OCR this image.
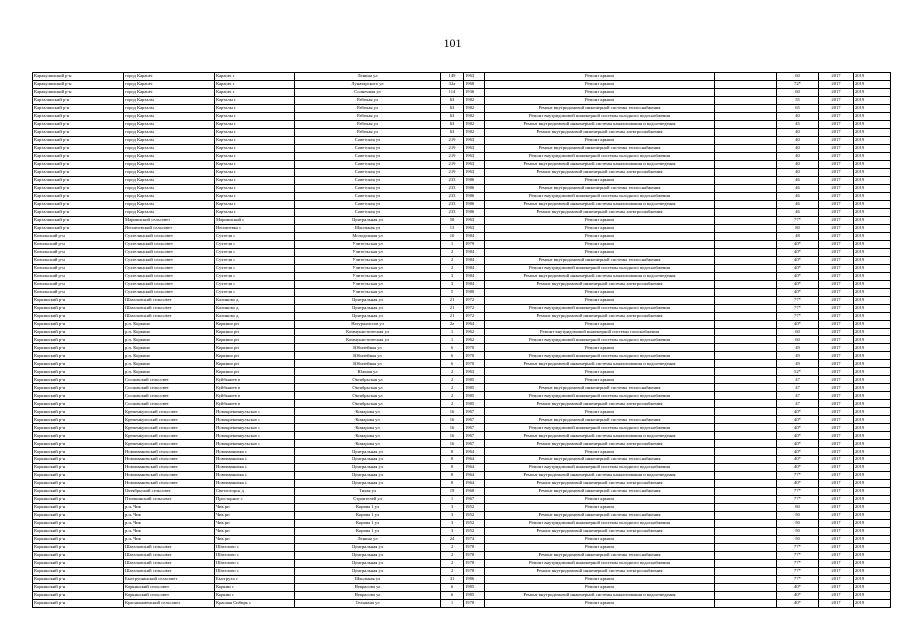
101
Каракулинский р-н	город Карагач	Карагач г	Ленина ул	149	1963	Ремонт крыши		60	2017	2019
Каракулинский р-н	город Карагач	Карагач г	Луначарского ул	32а	1968	Ремонт крыши		72*	2017	2019
Каракулинский р-н	город Карагач	Карагач г	Солнечная ул	114	1936	Ремонт крыши		60	2017	2019
Карталинский р-н	город Карталы	Карталы г	Рабочая ул	63	1982	Ремонт крыши		55	2017	2019
Карталинский р-н	город Карталы	Карталы г	Рабочая ул	63	1982	Ремонт внутридомовой инженерной системы теплоснабжения		65	2017	2019
Карталинский р-н	город Карталы	Карталы г	Рабочая ул	63	1982	Ремонт внутридомовой инженерной системы холодного водоснабжения		40	2017	2019
Карталинский р-н	город Карталы	Карталы г	Рабочая ул	63	1982	Ремонт внутридомовой инженерной системы канализования и водоотведения		45	2017	2019
Карталинский р-н	город Карталы	Карталы г	Рабочая ул	63	1982	Ремонт внутридомовой инженерной системы электроснабжения		40	2017	2019
Карталинский р-н	город Карталы	Карталы г	Советская ул	219	1963	Ремонт крыши		40	2017	2019
Карталинский р-н	город Карталы	Карталы г	Советская ул	219	1963	Ремонт внутридомовой инженерной системы теплоснабжения		40	2017	2019
Карталинский р-н	город Карталы	Карталы г	Советская ул	219	1963	Ремонт внутридомовой инженерной системы холодного водоснабжения		40	2017	2019
Карталинский р-н	город Карталы	Карталы г	Советская ул	219	1963	Ремонт внутридомовой инженерной системы канализования и водоотведения		40	2017	2019
Карталинский р-н	город Карталы	Карталы г	Советская ул	219	1963	Ремонт внутридомовой инженерной системы электроснабжения		40	2017	2019
Карталинский р-н	город Карталы	Карталы г	Советская ул	233	1986	Ремонт крыши		46	2017	2019
Карталинский р-н	город Карталы	Карталы г	Советская ул	233	1986	Ремонт внутридомовой инженерной системы теплоснабжения		46	2017	2019
Карталинский р-н	город Карталы	Карталы г	Советская ул	233	1986	Ремонт внутридомовой инженерной системы холодного водоснабжения		46	2017	2019
Карталинский р-н	город Карталы	Карталы г	Советская ул	233	1986	Ремонт внутридомовой инженерной системы канализования и водоотведения		46	2017	2019
Карталинский р-н	город Карталы	Карталы г	Советская ул	233	1986	Ремонт внутридомовой инженерной системы электроснабжения		46	2017	2019
Карталинский р-н	Мариинский сельсовет	Мариинский с	Центральная ул	58	1963	Ремонт крыши		77*	2017	2019
Карталинский р-н	Неплюевский сельсовет	Неплюевка с	Школьная ул	13	1963	Ремонт крыши		80	2017	2019
Кизильский р-н	Сухтелинский сельсовет	Сухтели с	Молодежная ул	10	1984	Ремонт крыши		48	2017	2019
Кизильский р-н	Сухтелинский сельсовет	Сухтели с	Учительская ул	1	1979	Ремонт крыши		40*	2017	2019
Кизильский р-н	Сухтелинский сельсовет	Сухтели с	Учительская ул	2	1984	Ремонт крыши		40*	2017	2019
Кизильский р-н	Сухтелинский сельсовет	Сухтели с	Учительская ул	2	1984	Ремонт внутридомовой инженерной системы теплоснабжения		40*	2017	2019
Кизильский р-н	Сухтелинский сельсовет	Сухтели с	Учительская ул	2	1984	Ремонт внутридомовой инженерной системы холодного водоснабжения		40*	2017	2019
Кизильский р-н	Сухтелинский сельсовет	Сухтели с	Учительская ул	3	1984	Ремонт внутридомовой инженерной системы канализования и водоотведения		40*	2017	2019
Кизильский р-н	Сухтелинский сельсовет	Сухтели с	Учительская ул	3	1984	Ремонт внутридомовой инженерной системы электроснабжения		40*	2017	2019
Кизильский р-н	Сухтелинский сельсовет	Сухтели с	Учительская ул	5	1980	Ремонт крыши		40*	2017	2019
Коркинский р-н	Шагаловский сельсовет	Калиново д	Центральная ул	21	1972	Ремонт крыши		77*	2017	2019
Коркинский р-н	Шагаловский сельсовет	Калиново д	Центральная ул	21	1972	Ремонт внутридомовой инженерной системы холодного водоснабжения		77*	2017	2019
Коркинский р-н	Шагаловский сельсовет	Калиново д	Центральная ул	21	1972	Ремонт внутридомовой инженерной системы электроснабжения		77*	2017	2019
Коркинский р-н	р.п. Коркино	Коркино рп	Натуралистов ул	2а	1964	Ремонт крыши		40*	2017	2019
Коркинский р-н	р.п. Коркино	Коркино рп	Коммунистическая ул	1	1962	Ремонт внутридомовой инженерной системы газоснабжения		60	2017	2019
Коркинский р-н	р.п. Коркино	Коркино рп	Коммунистическая ул	1	1962	Ремонт внутридомовой инженерной системы холодного водоснабжения		60	2017	2019
Коркинский р-н	р.п. Коркино	Коркино рп	Юбилейная ул	6	1970	Ремонт крыши		49	2017	2019
Коркинский р-н	р.п. Коркино	Коркино рп	Юбилейная ул	6	1970	Ремонт внутридомовой инженерной системы холодного водоснабжения		49	2017	2019
Коркинский р-н	р.п. Коркино	Коркино рп	Юбилейная ул	6	1970	Ремонт внутридомовой инженерной системы канализования и водоотведения		49	2017	2019
Коркинский р-н	р.п. Коркино	Коркино рп	Южная ул	2	1963	Ремонт крыши		52*	2017	2019
Коркинский р-н	Сосновский сельсовет	Куйбышев п	Октябрьская ул	2	1985	Ремонт крыши		47	2017	2019
Коркинский р-н	Сосновский сельсовет	Куйбышев п	Октябрьская ул	2	1985	Ремонт внутридомовой инженерной системы теплоснабжения		47	2017	2019
Коркинский р-н	Сосновский сельсовет	Куйбышев п	Октябрьская ул	2	1985	Ремонт внутридомовой инженерной системы холодного водоснабжения		47	2017	2019
Коркинский р-н	Сосновский сельсовет	Куйбышев п	Октябрьская ул	2	1985	Ремонт внутридомовой инженерной системы электроснабжения		47	2017	2019
Коркинский р-н	Кременкульский сельсовет	Новокременкульское с	Комарова ул	16	1967	Ремонт крыши		40*	2017	2019
Коркинский р-н	Кременкульский сельсовет	Новокременкульское с	Комарова ул	16	1967	Ремонт внутридомовой инженерной системы теплоснабжения		40*	2017	2019
Коркинский р-н	Кременкульский сельсовет	Новокременкульское с	Комарова ул	16	1967	Ремонт внутридомовой инженерной системы холодного водоснабжения		40*	2017	2019
Коркинский р-н	Кременкульский сельсовет	Новокременкульское с	Комарова ул	16	1967	Ремонт внутридомовой инженерной системы канализования и водоотведения		40*	2017	2019
Коркинский р-н	Кременкульский сельсовет	Новокременкульское с	Комарова ул	16	1967	Ремонт внутридомовой инженерной системы электроснабжения		40*	2017	2019
Коркинский р-н	Новоивановский сельсовет	Новоивановка с	Центральная ул	8	1964	Ремонт крыши		40*	2017	2019
Коркинский р-н	Новоивановский сельсовет	Новоивановка с	Центральная ул	8	1964	Ремонт внутридомовой инженерной системы теплоснабжения		40*	2017	2019
Коркинский р-н	Новоивановский сельсовет	Новоивановка с	Центральная ул	8	1964	Ремонт внутридомовой инженерной системы холодного водоснабжения		40*	2017	2019
Коркинский р-н	Новоивановский сельсовет	Новоивановка с	Центральная ул	8	1964	Ремонт внутридомовой инженерной системы канализования и водоотведения		77*	2017	2019
Коркинский р-н	Новоивановский сельсовет	Новоивановка с	Центральная ул	8	1964	Ремонт внутридомовой инженерной системы электроснабжения		40*	2017	2019
Коркинский р-н	Октябрьский сельсовет	Светлогорск д	Тихая ул	19	1968	Ремонт внутридомовой инженерной системы теплоснабжения		77*	2017	2019
Коркинский р-н	Птичкинский сельсовет	Просторное с	Строителей ул	1	1967	Ремонт крыши		77*	2017	2019
Коркинский р-н	р.п. Чик	Чик рп	Кирова 1 ул	3	1952	Ремонт крыши		60	2017	2019
Коркинский р-н	р.п. Чик	Чик рп	Кирова 1 ул	3	1952	Ремонт внутридомовой инженерной системы теплоснабжения		50	2017	2019
Коркинский р-н	р.п. Чик	Чик рп	Кирова 1 ул	3	1952	Ремонт внутридомовой инженерной системы холодного водоснабжения		50	2017	2019
Коркинский р-н	р.п. Чик	Чик рп	Кирова 1 ул	3	1952	Ремонт внутридомовой инженерной системы электроснабжения		50	2017	2019
Коркинский р-н	р.п. Чик	Чик рп	Ленина ул	24	1974	Ремонт крыши		50	2017	2019
Коркинский р-н	Шагаловский сельсовет	Шагалово с	Центральная ул	2	1978	Ремонт крыши		77*	2017	2019
Коркинский р-н	Шагаловский сельсовет	Шагалово с	Центральная ул	2	1978	Ремонт внутридомовой инженерной системы теплоснабжения		77*	2017	2019
Коркинский р-н	Шагаловский сельсовет	Шагалово с	Центральная ул	2	1978	Ремонт внутридомовой инженерной системы холодного водоснабжения		77*	2017	2019
Коркинский р-н	Шагаловский сельсовет	Шагалово с	Центральная ул	2	1978	Ремонт внутридомовой инженерной системы электроснабжения		77*	2017	2019
Коркинский р-н	Быструшинский сельсовет	Быструха с	Школьная ул	31	1986	Ремонт крыши		77*	2017	2019
Коркинский р-н	Коркинский сельсовет	Коркин с	Некрасова ул	6	1985	Ремонт крыши		40*	2017	2019
Коркинский р-н	Коркинский сельсовет	Коркин с	Некрасова ул	6	1985	Ремонт внутридомовой инженерной системы канализования и водоотведения		40*	2017	2019
Коркинский р-н	Краснокаменский сельсовет	Красная Сибирь с	Тельмана ул	1	1978	Ремонт крыши		40*	2017	2019
